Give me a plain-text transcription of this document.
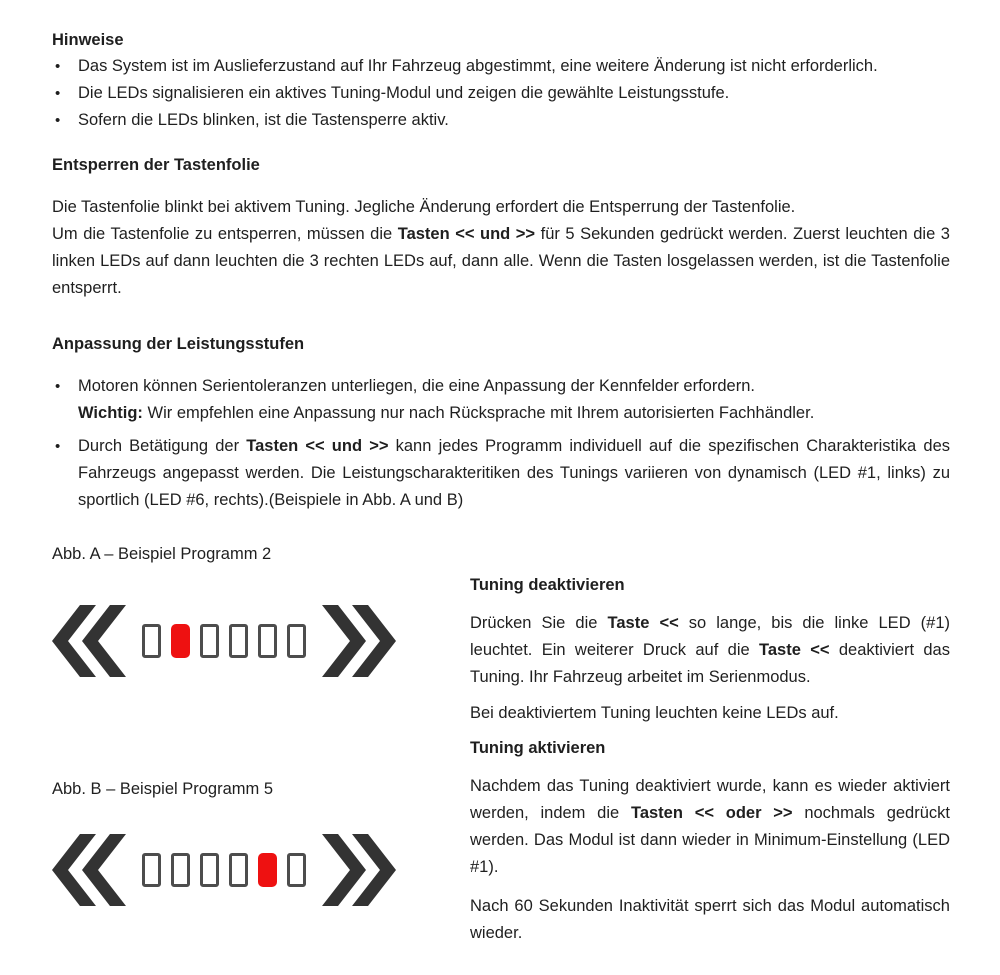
Hinweise

•	Das System ist im Auslieferzustand auf Ihr Fahrzeug abgestimmt, eine weitere Änderung ist nicht erforderlich.
•	Die LEDs signalisieren ein aktives Tuning-Modul und zeigen die gewählte Leistungsstufe.
•	Sofern die LEDs blinken, ist die Tastensperre aktiv.

Entsperren der Tastenfolie

Die Tastenfolie blinkt bei aktivem Tuning. Jegliche Änderung erfordert die Entsperrung der Tastenfolie.
Um die Tastenfolie zu entsperren, müssen die Tasten << und >> für 5 Sekunden gedrückt werden. Zuerst leuchten die 3 linken LEDs auf dann leuchten die 3 rechten LEDs auf, dann alle. Wenn die Tasten losgelassen werden, ist die Tastenfolie entsperrt.

Anpassung der Leistungsstufen

•	Motoren können Serientoleranzen unterliegen, die eine Anpassung der Kennfelder erfordern.
Wichtig: Wir empfehlen eine Anpassung nur nach Rücksprache mit Ihrem autorisierten Fachhändler.
•	Durch Betätigung der Tasten << und >> kann jedes Programm individuell auf die spezifischen Charakteristika des Fahrzeugs angepasst werden. Die Leistungscharakteritiken des Tunings variieren von dynamisch (LED #1, links) zu sportlich (LED #6, rechts).(Beispiele in Abb. A und B)

Abb. A – Beispiel Programm 2

Abb. B – Beispiel Programm 5

Tuning deaktivieren

Drücken Sie die Taste << so lange, bis die linke LED (#1) leuchtet. Ein weiterer Druck auf die Taste << deaktiviert das Tuning. Ihr Fahrzeug arbeitet im Serienmodus.

Bei deaktiviertem Tuning leuchten keine LEDs auf.

Tuning aktivieren

Nachdem das Tuning deaktiviert wurde, kann es wieder aktiviert werden, indem die Tasten << oder >> nochmals gedrückt werden. Das Modul ist dann wieder in Minimum-Einstellung (LED #1).

Nach 60 Sekunden Inaktivität sperrt sich das Modul automatisch wieder.
